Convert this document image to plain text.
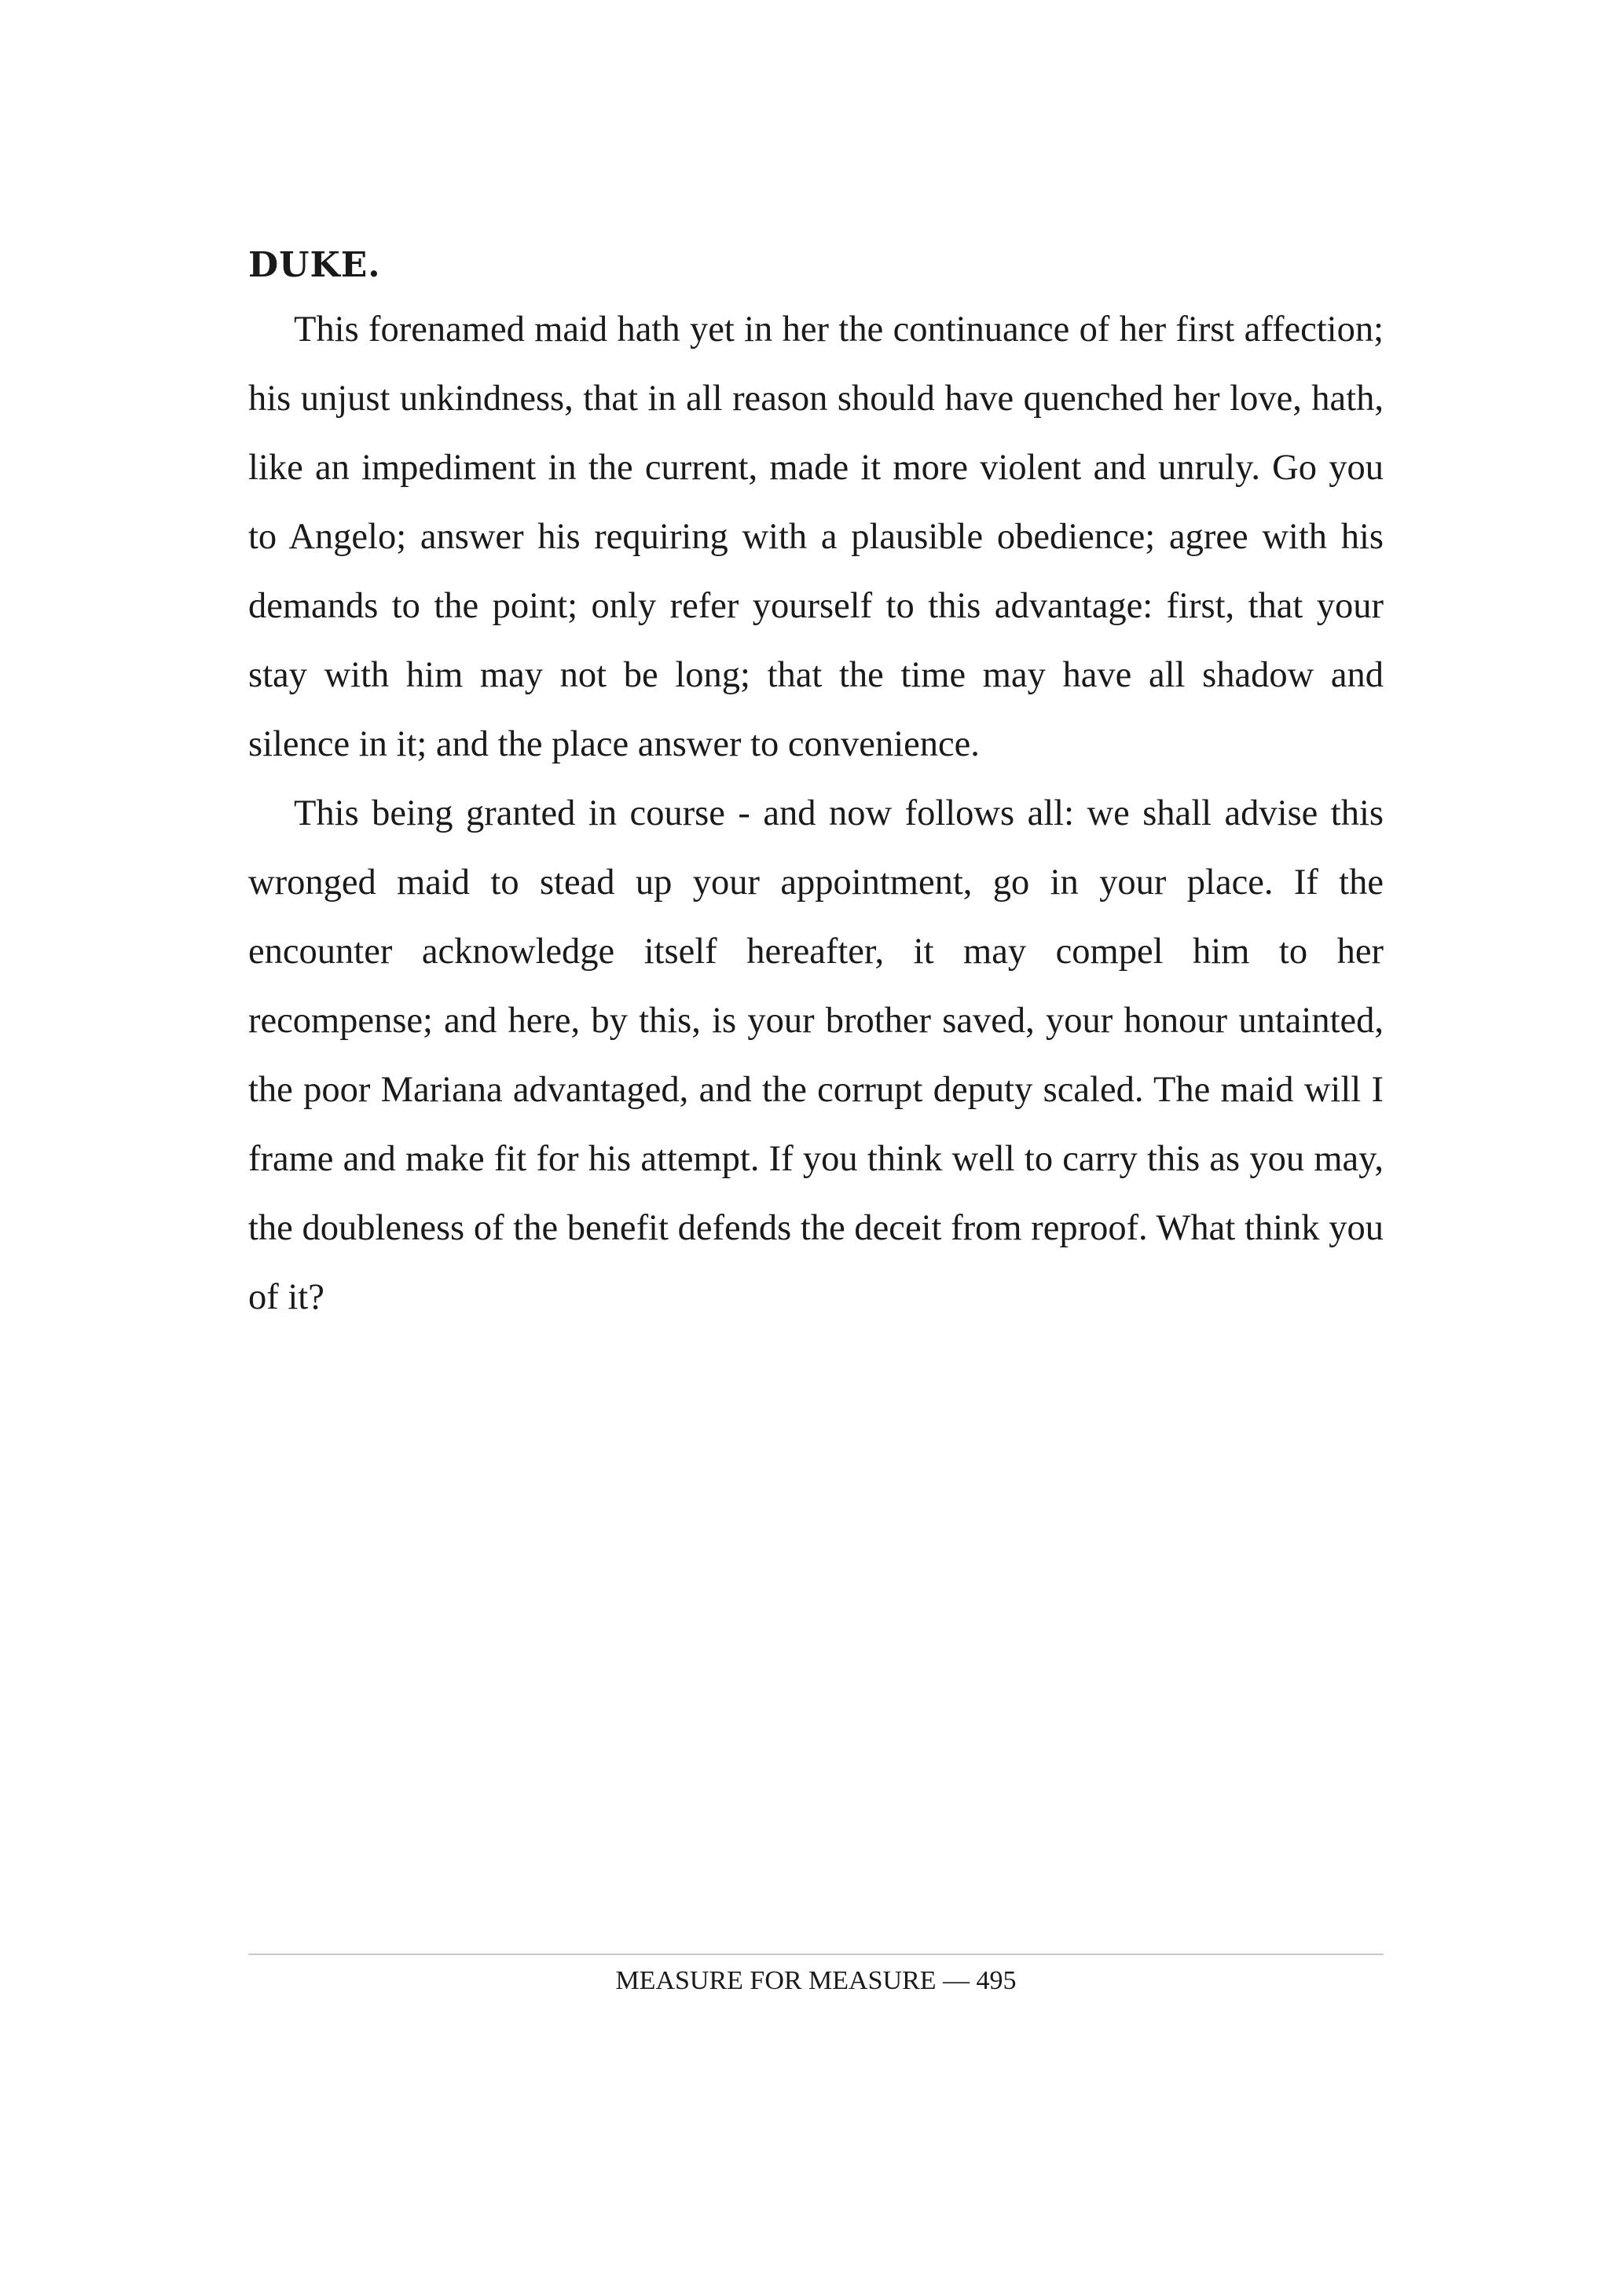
DUKE.

This forenamed maid hath yet in her the continuance of her first affection; his unjust unkindness, that in all reason should have quenched her love, hath, like an impediment in the current, made it more violent and unruly. Go you to Angelo; answer his requiring with a plausible obedience; agree with his demands to the point; only refer yourself to this advantage: first, that your stay with him may not be long; that the time may have all shadow and silence in it; and the place answer to convenience.

This being granted in course - and now follows all: we shall advise this wronged maid to stead up your appointment, go in your place. If the encounter acknowledge itself hereafter, it may compel him to her recompense; and here, by this, is your brother saved, your honour untainted, the poor Mariana advantaged, and the corrupt deputy scaled. The maid will I frame and make fit for his attempt. If you think well to carry this as you may, the doubleness of the benefit defends the deceit from reproof. What think you of it?

MEASURE FOR MEASURE — 495
